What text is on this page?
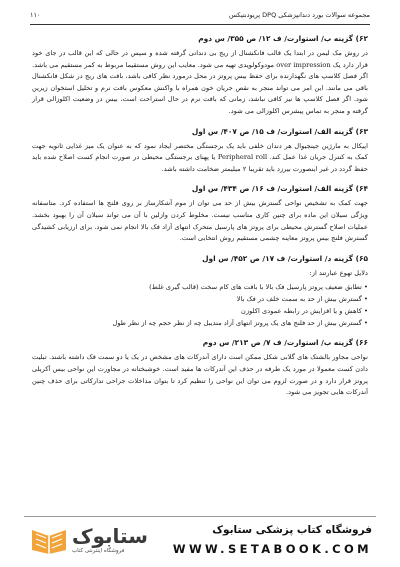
مجموعه سوالات بورد دندانپزشکی DPQ پریودنتیکس
۱۱۰
۶۲) گزینه ب/ استوارت/ ف ۱۲/ ص ۳۵۵/ س دوم

در روش مک لیمن در ابتدا یک قالب فانکشنال از ریج بی دندانی گرفته شده و سپس در حالی که این قالب در جای خود قرار دارد یک over impression مودوکولویدی تهیه می شود. معایب این روش مستقیما مربوط به کمر مستقیم می باشد. اگر فصل کلاسپ های نگهدارنده برای حفظ بیس پروتز در محل درمورد نظر کافی باشد، بافت های ریج در شکل فانکشنال باقی می مانند. این امر می تواند منجر به نقص جریان خون همراه با واکنش معکوس بافت نرم و تحلیل استخوان زیرین شود. اگر فصل کلاسپ ها نیز کافی نباشد، زمانی که بافت نرم در حال استراحت است، بیس در وضعیت اکلوزالی قرار گرفته و منجر به تماس پیشرس اکلوزالی می شود.

۶۳) گزینه الف/ استوارت/ ف ۱۵/ ص ۴۰۷/ س اول

اپیکال به مارژین جینجیوال هر دندان خلفی باید یک برجستگی مختصر ایجاد نمود که به عنوان یک میز غذایی ثانویه جهت کمک به کنترل جریان غذا عمل کند. Peripheral roll یا پهنای برجستگی محیطی در صورت انجام کست اصلاح شده باید حفظ گردد در غیر اینصورت بیرزد باید تقریبا ۲ میلیمتر ضخامت داشته باشد.

۶۴) گزینه الف/ استوارت/ ف ۱۶/ ص ۴۳۴/ س اول

جهت کمک به تشخیص نواحی گسترش بیش از حد می توان از موم آشکارساز بر روی فلنج ها استفاده کرد. متاسفانه ویژگی سیلان این ماده برای چنین کاری مناسب نیست. مخلوط کردن وازلین با آن می تواند سیلان آن را بهبود بخشد. عملیات اصلاح گسترش محیطی برای پروتز های پارسیل متحرک انتهای آزاد فک بالا انجام نمی شود. برای ارزیابی کشیدگی گسترش فلنج بیس پروتز معاینه چشمی مستقیم روش انتخابی است.

۶۵) گزینه د/ استوارت/ ف ۱۷/ ص ۴۵۲/ س اول

دلایل تهوع عبارتند از:

• تطابق ضعیف پروتز پارسیل فک بالا با بافت های کام سخت (قالب گیری غلط)
• گسترش بیش از حد به سمت خلف در فک بالا
• کاهش و یا افزایش در رابطه عمودی اکلوزن
• گسترش بیش از حد فلنج های یک پروتز انتهای آزاد مندیبل چه از نظر حجم چه از نظر طول
۶۶) گزینه ب/ استوارت/ ف ۷/ ص ۲۱۳/ س دوم

نواحی مجاور بالشتک های گلابی شکل ممکن است دارای آندرکات های مشخص در یک یا دو سمت فک داشته باشند. تبلیت دادن کست معمولا در مورد یک طرفه در حذف این آندرکات ها مفید است. خوشبختانه در مجاورت این نواحی بیس آکریلی پروتز قرار دارد و در صورت لزوم می توان این نواحی را تنظیم کرد تا بتوان مداخلات جراحی تدارکاتی برای حذف چنین آندرکات هایی تجویز می شود.

ستابوک
فروشگاه اینترنتی کتاب
فروشگاه کتاب پزشکی ستابوک
WWW.SETABOOK.COM
